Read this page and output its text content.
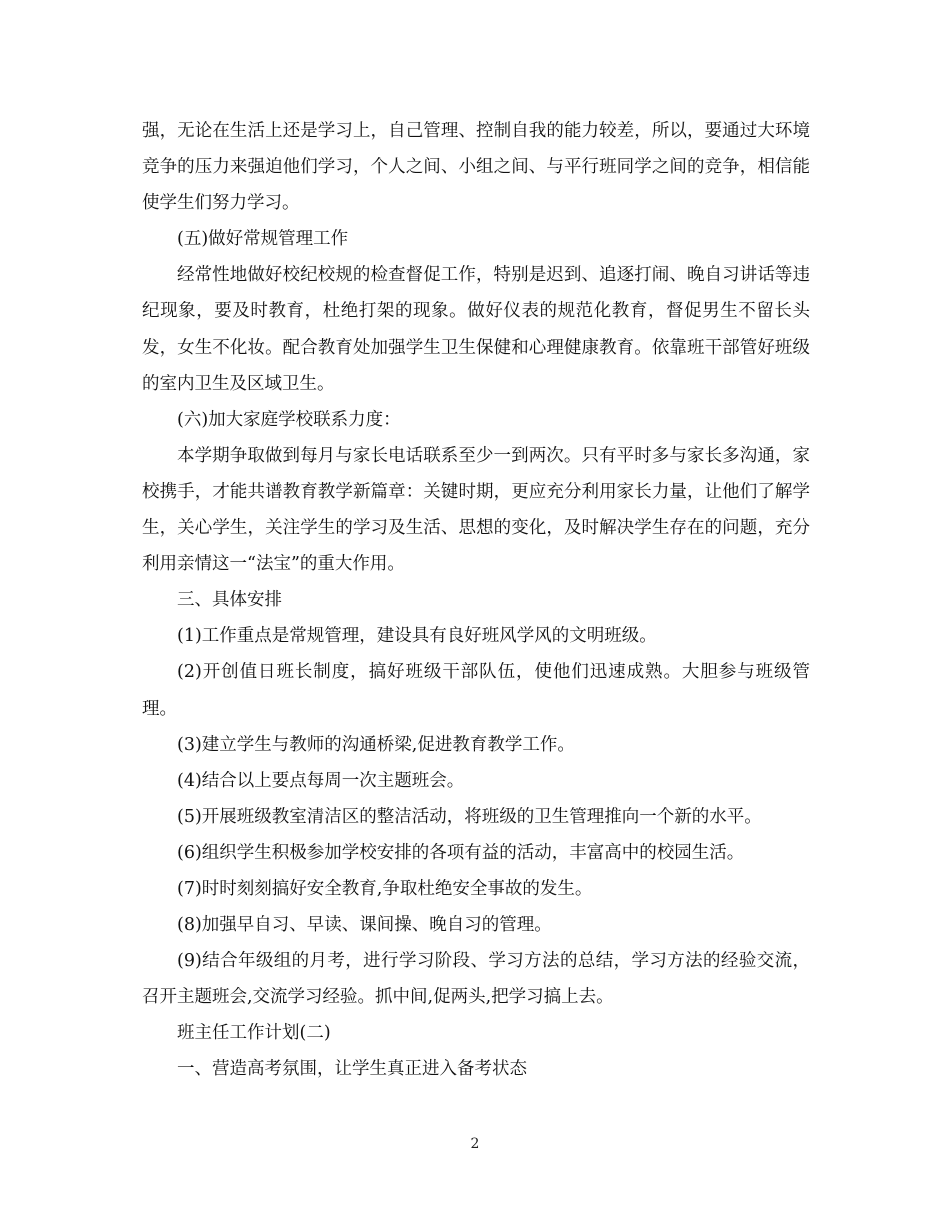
强，无论在生活上还是学习上，自己管理、控制自我的能力较差，所以，要通过大环境竞争的压力来强迫他们学习，个人之间、小组之间、与平行班同学之间的竞争，相信能使学生们努力学习。

(五)做好常规管理工作

经常性地做好校纪校规的检查督促工作，特别是迟到、追逐打闹、晚自习讲话等违纪现象，要及时教育，杜绝打架的现象。做好仪表的规范化教育，督促男生不留长头发，女生不化妆。配合教育处加强学生卫生保健和心理健康教育。依靠班干部管好班级的室内卫生及区域卫生。

(六)加大家庭学校联系力度：

本学期争取做到每月与家长电话联系至少一到两次。只有平时多与家长多沟通，家校携手，才能共谱教育教学新篇章：关键时期，更应充分利用家长力量，让他们了解学生，关心学生，关注学生的学习及生活、思想的变化，及时解决学生存在的问题，充分利用亲情这一“法宝”的重大作用。

三、具体安排

(1)工作重点是常规管理，建设具有良好班风学风的文明班级。

(2)开创值日班长制度，搞好班级干部队伍，使他们迅速成熟。大胆参与班级管理。

(3)建立学生与教师的沟通桥梁,促进教育教学工作。

(4)结合以上要点每周一次主题班会。

(5)开展班级教室清洁区的整洁活动，将班级的卫生管理推向一个新的水平。

(6)组织学生积极参加学校安排的各项有益的活动，丰富高中的校园生活。

(7)时时刻刻搞好安全教育,争取杜绝安全事故的发生。

(8)加强早自习、早读、课间操、晚自习的管理。

(9)结合年级组的月考，进行学习阶段、学习方法的总结，学习方法的经验交流，召开主题班会,交流学习经验。抓中间,促两头,把学习搞上去。

班主任工作计划(二)

一、营造高考氛围，让学生真正进入备考状态

2
